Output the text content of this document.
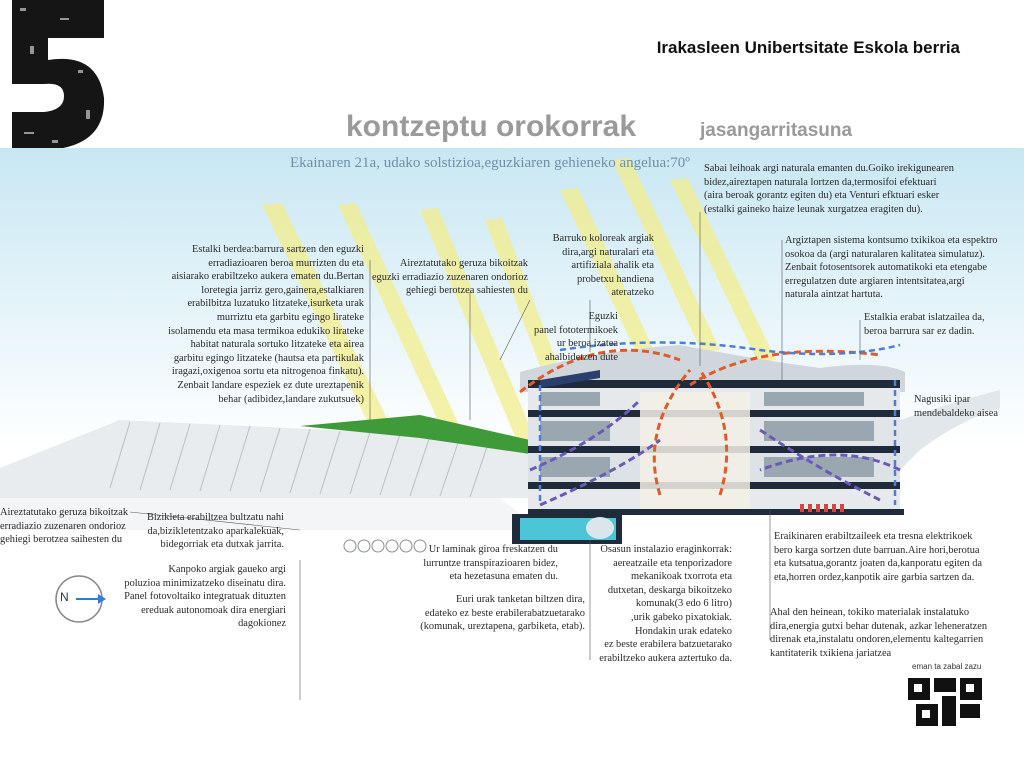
Irakasleen Unibertsitate Eskola berria
kontzeptu orokorrak	jasangarritasuna
Ekainaren 21a, udako solstizioa,eguzkiaren gehieneko angelua:70º Sabai leihoak argi naturala emanten du.Goiko irekigunearen
bidez,aireztapen naturala lortzen da,termosifoi efektuari
(aira beroak gorantz egiten du) eta Venturi efktuari esker
(estalki gaineko haize leunak xurgatzea eragiten du).
Estalki berdea:barrura sartzen den eguzki
erradiazioaren beroa murrizten du eta
aisiarako erabiltzeko aukera ematen du.Bertan
loretegia jarriz gero,gainera,estalkiaren
erabilbitza luzatuko litzateke,isurketa urak
murriztu eta garbitu egingo lirateke
isolamendu eta masa termikoa edukiko lirateke
habitat naturala sortuko litzateke eta airea
garbitu egingo litzateke (hautsa eta partikulak
iragazi,oxigenoa sortu eta nitrogenoa finkatu).
Zenbait landare espeziek ez dute ureztapenik
behar (adibidez,landare zukutsuek)
Aireztatutako geruza bikoitzak
eguzki erradiazio zuzenaren ondorioz
gehiegi berotzea sahiesten du
Barruko koloreak argiak
dira,argi naturalari eta
artifiziala ahalik eta
probetxu handiena
ateratzeko
Eguzki
panel fototermikoek
ur beroa izatea
ahalbidetzen dute
Argiztapen sistema kontsumo txikikoa eta espektro
osokoa da (argi naturalaren kalitatea simulatuz).
Zenbait fotosentsorek automatikoki eta etengabe
erregulatzen dute argiaren intentsitatea,argi
naturala aintzat hartuta.
Estalkia erabat islatzailea da,
beroa barrura sar ez dadin.
Nagusiki ipar
mendebaldeko aisea
Aireztatutako geruza bikoitzak
erradiazio zuzenaren ondorioz
gehiegi berotzea saihesten du
Bizikleta erabiltzea bultzatu nahi
da,bizikletentzako aparkalekuak,
bidegorriak eta dutxak jarrita.
Kanpoko argiak gaueko argi
poluzioa minimizatzeko diseinatu dira.
Panel fotovoltaiko integratuak dituzten
ereduak autonomoak dira energiari
dagokionez
Ur laminak giroa freskatzen du
lurruntze transpirazioaren bidez,
eta hezetasuna ematen du.
Euri urak tanketan biltzen dira,
edateko ez beste erabilerabatzuetarako
(komunak, ureztapena, garbiketa, etab).
Osasun instalazio eraginkorrak:
aereatzaile eta tenporizadore
mekanikoak txorrota eta
dutxetan, deskarga bikoitzeko
komunak(3 edo 6 litro)
,urik gabeko pixatokiak.
Hondakin urak edateko
ez beste erabilera batzuetarako
erabiltzeko aukera aztertuko da.
Eraikinaren erabiltzaileek eta tresna elektrikoek
bero karga sortzen dute barruan.Aire hori,berotua
eta kutsatua,gorantz joaten da,kanporatu egiten da
eta,horren ordez,kanpotik aire garbia sartzen da.
Ahal den heinean, tokiko materialak instalatuko
dira,energia gutxi behar dutenak, azkar leheneratzen
direnak eta,instalatu ondoren,elementu kaltegarrien
kantitaterik txikiena jariatzea
N
eman ta zabal zazu
